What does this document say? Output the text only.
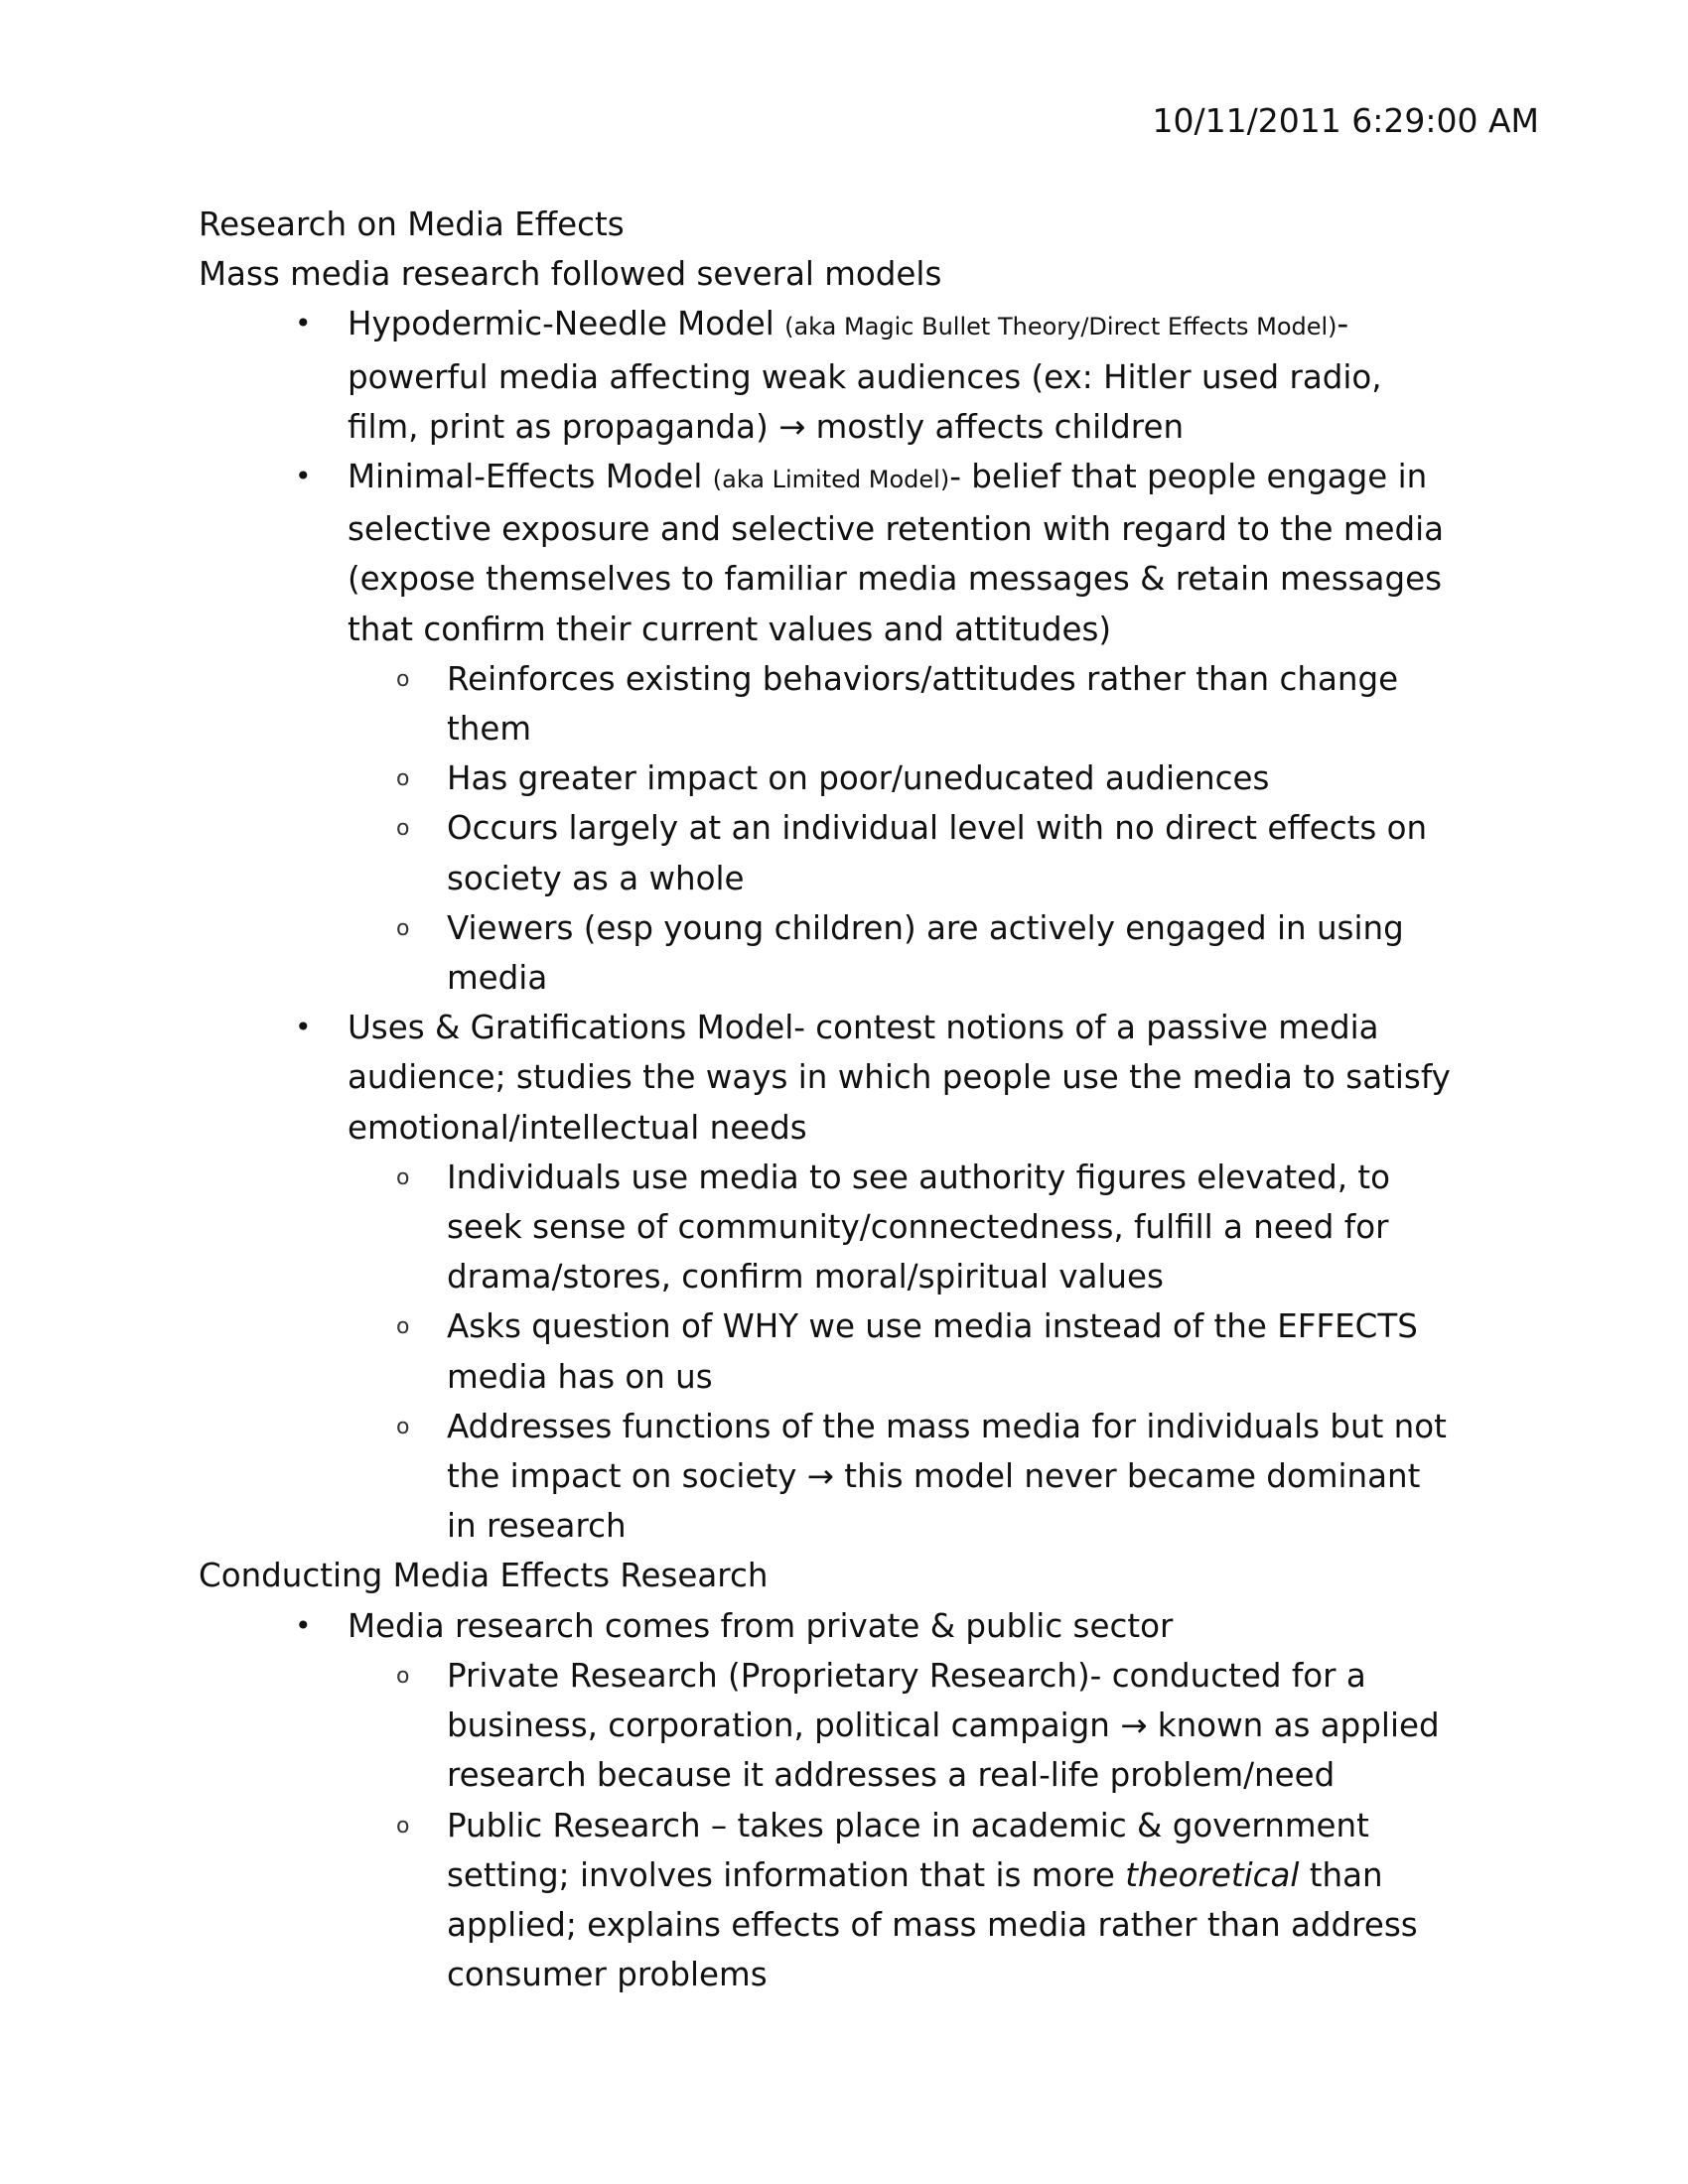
10/11/2011 6:29:00 AM

Research on Media Effects

Mass media research followed several models

• Hypodermic-Needle Model (aka Magic Bullet Theory/Direct Effects Model)-
powerful media affecting weak audiences (ex: Hitler used radio,
film, print as propaganda) → mostly affects children
• Minimal-Effects Model (aka Limited Model)- belief that people engage in
selective exposure and selective retention with regard to the media
(expose themselves to familiar media messages & retain messages
that confirm their current values and attitudes)
o Reinforces existing behaviors/attitudes rather than change
them
o Has greater impact on poor/uneducated audiences
o Occurs largely at an individual level with no direct effects on
society as a whole
o Viewers (esp young children) are actively engaged in using
media
• Uses & Gratifications Model- contest notions of a passive media
audience; studies the ways in which people use the media to satisfy
emotional/intellectual needs
o Individuals use media to see authority figures elevated, to
seek sense of community/connectedness, fulfill a need for
drama/stores, confirm moral/spiritual values
o Asks question of WHY we use media instead of the EFFECTS
media has on us
o Addresses functions of the mass media for individuals but not
the impact on society → this model never became dominant
in research

Conducting Media Effects Research

• Media research comes from private & public sector
o Private Research (Proprietary Research)- conducted for a
business, corporation, political campaign → known as applied
research because it addresses a real-life problem/need
o Public Research – takes place in academic & government
setting; involves information that is more theoretical than
applied; explains effects of mass media rather than address
consumer problems
